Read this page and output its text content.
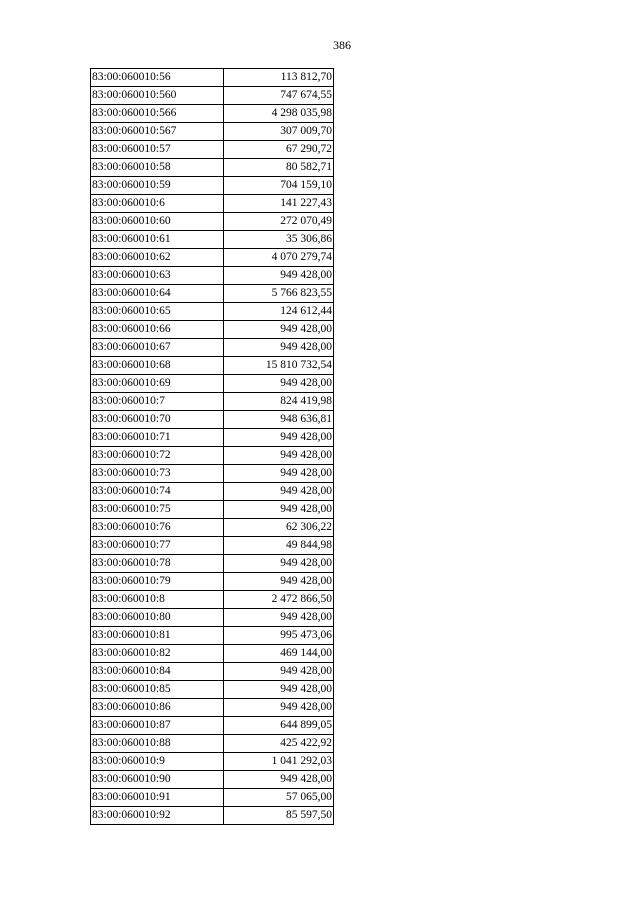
386
83:00:060010:56	113 812,70
83:00:060010:560	747 674,55
83:00:060010:566	4 298 035,98
83:00:060010:567	307 009,70
83:00:060010:57	67 290,72
83:00:060010:58	80 582,71
83:00:060010:59	704 159,10
83:00:060010:6	141 227,43
83:00:060010:60	272 070,49
83:00:060010:61	35 306,86
83:00:060010:62	4 070 279,74
83:00:060010:63	949 428,00
83:00:060010:64	5 766 823,55
83:00:060010:65	124 612,44
83:00:060010:66	949 428,00
83:00:060010:67	949 428,00
83:00:060010:68	15 810 732,54
83:00:060010:69	949 428,00
83:00:060010:7	824 419,98
83:00:060010:70	948 636,81
83:00:060010:71	949 428,00
83:00:060010:72	949 428,00
83:00:060010:73	949 428,00
83:00:060010:74	949 428,00
83:00:060010:75	949 428,00
83:00:060010:76	62 306,22
83:00:060010:77	49 844,98
83:00:060010:78	949 428,00
83:00:060010:79	949 428,00
83:00:060010:8	2 472 866,50
83:00:060010:80	949 428,00
83:00:060010:81	995 473,06
83:00:060010:82	469 144,00
83:00:060010:84	949 428,00
83:00:060010:85	949 428,00
83:00:060010:86	949 428,00
83:00:060010:87	644 899,05
83:00:060010:88	425 422,92
83:00:060010:9	1 041 292,03
83:00:060010:90	949 428,00
83:00:060010:91	57 065,00
83:00:060010:92	85 597,50
